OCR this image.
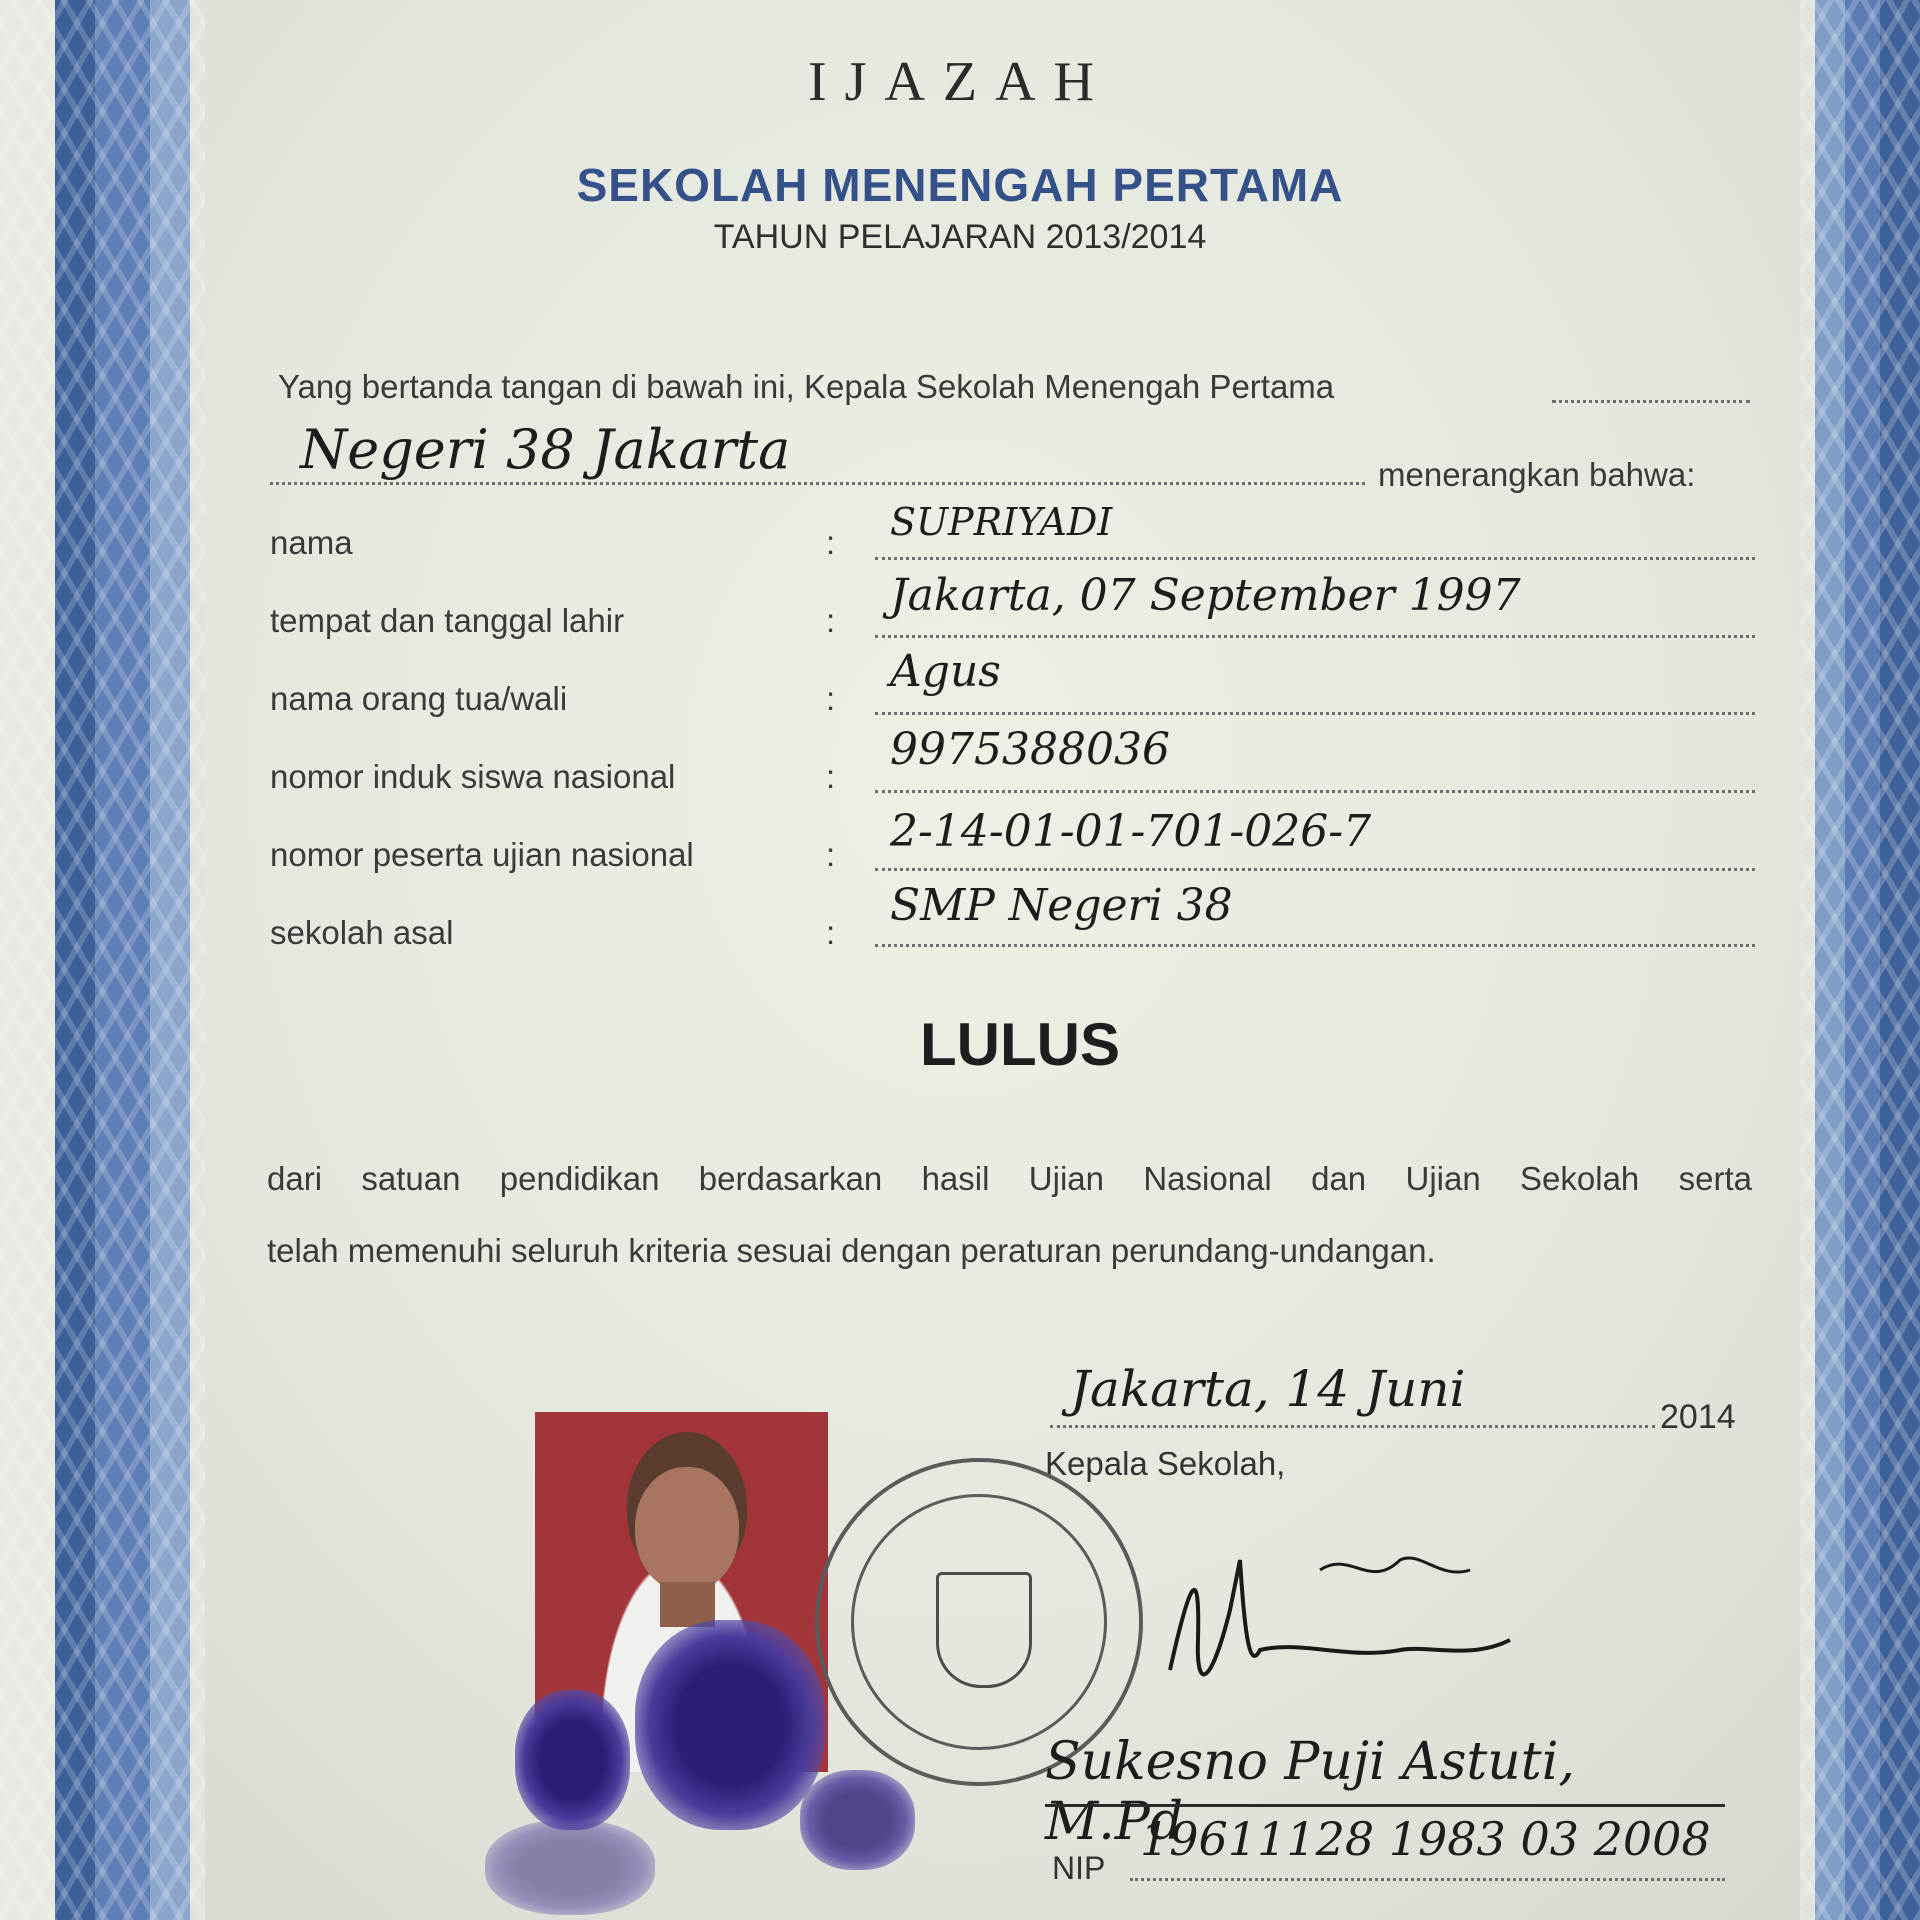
IJAZAH
SEKOLAH MENENGAH PERTAMA
TAHUN PELAJARAN 2013/2014
Yang bertanda tangan di bawah ini, Kepala Sekolah Menengah Pertama
Negeri 38 Jakarta	menerangkan bahwa:
nama	: SUPRIYADI
tempat dan tanggal lahir	: Jakarta, 07 September 1997
nama orang tua/wali	:
Agus
nomor induk siswa nasional	:
9975388036
nomor peserta ujian nasional	: 2-14-01-01-701-026-7
sekolah asal	:
SMP Negeri 38
LULUS
dari satuan pendidikan berdasarkan hasil Ujian Nasional dan Ujian Sekolah serta
telah memenuhi seluruh kriteria sesuai dengan peraturan perundang-undangan.
Jakarta, 14 Juni	2014
Kepala Sekolah,
Sukesno Puji Astuti, M.Pd
NIP
19611128 1983 03 2008
